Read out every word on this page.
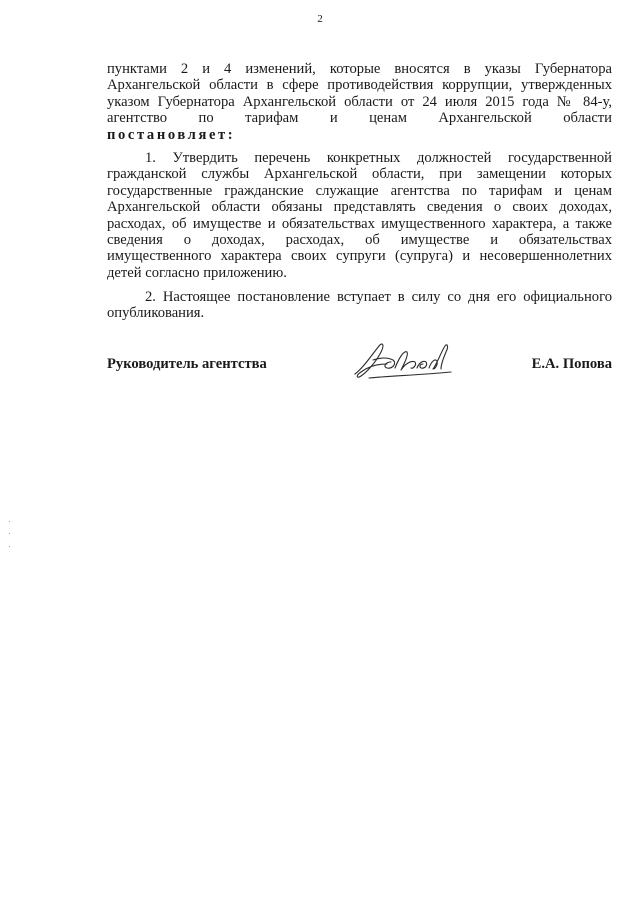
2
пунктами 2 и 4 изменений, которые вносятся в указы Губернатора
Архангельской области в сфере противодействия коррупции, утвержденных
указом Губернатора Архангельской области от 24 июля 2015 года № 84-у,
агентство по тарифам и ценам Архангельской области
постановляет:
1. Утвердить перечень конкретных должностей государственной
гражданской службы Архангельской области, при замещении которых
государственные гражданские служащие агентства по тарифам и ценам
Архангельской области обязаны представлять сведения о своих доходах,
расходах, об имуществе и обязательствах имущественного характера, а также
сведения о доходах, расходах, об имуществе и обязательствах
имущественного характера своих супруги (супруга) и несовершеннолетних
детей согласно приложению.
2. Настоящее постановление вступает в силу со дня его официального
опубликования.
Руководитель агентства	Е.А. Попова
